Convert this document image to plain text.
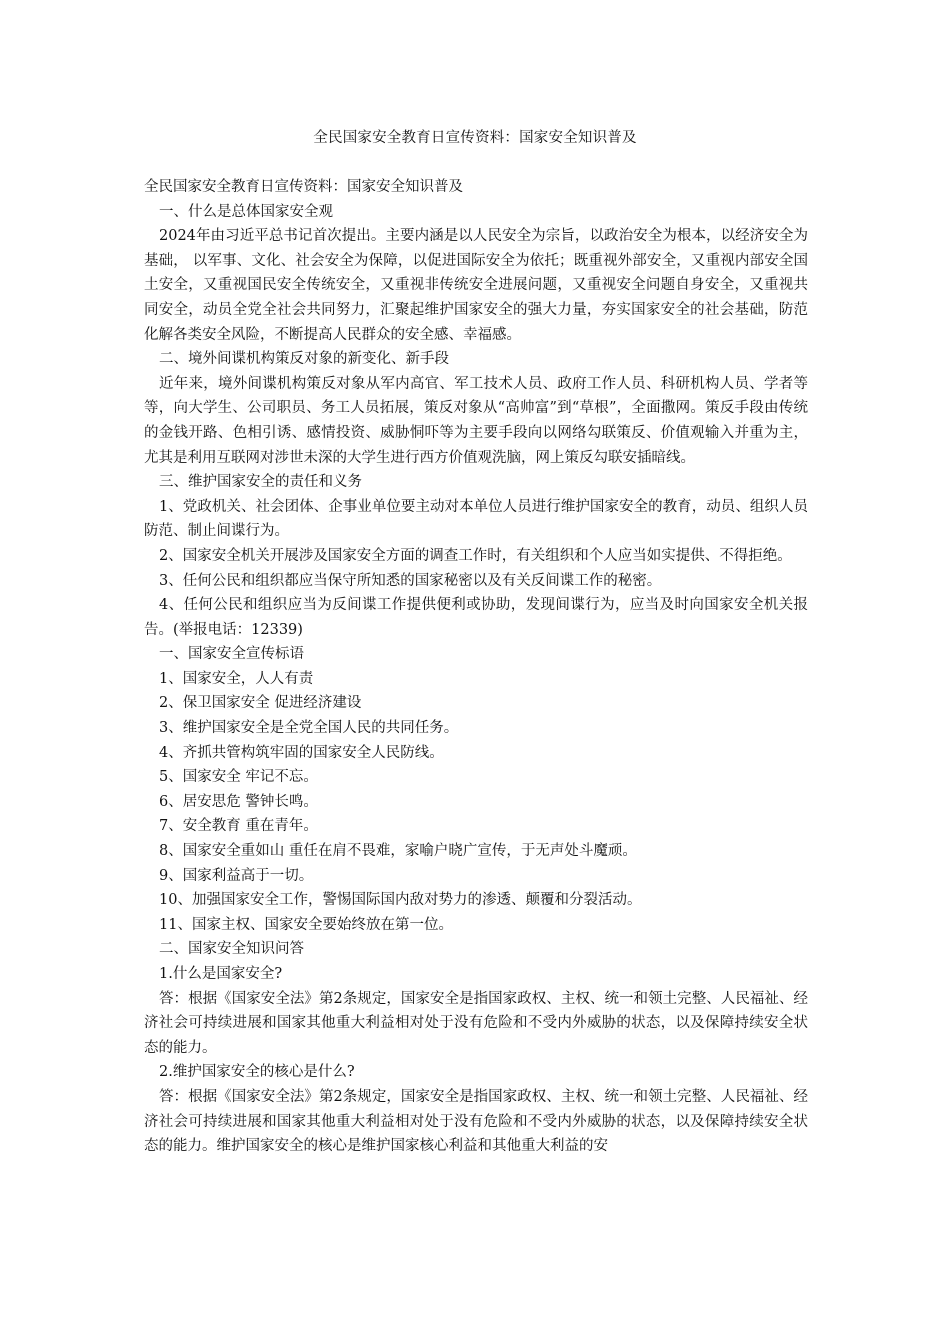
全民国家安全教育日宣传资料：国家安全知识普及

全民国家安全教育日宣传资料：国家安全知识普及

一、什么是总体国家安全观

2024年由习近平总书记首次提出。主要内涵是以人民安全为宗旨，以政治安全为根本，以经济安全为基础， 以军事、文化、社会安全为保障，以促进国际安全为依托；既重视外部安全，又重视内部安全国土安全，又重视国民安全传统安全，又重视非传统安全进展问题，又重视安全问题自身安全，又重视共同安全，动员全党全社会共同努力，汇聚起维护国家安全的强大力量，夯实国家安全的社会基础，防范化解各类安全风险，不断提高人民群众的安全感、幸福感。

二、境外间谍机构策反对象的新变化、新手段

近年来，境外间谍机构策反对象从军内高官、军工技术人员、政府工作人员、科研机构人员、学者等等，向大学生、公司职员、务工人员拓展，策反对象从“高帅富”到“草根”，全面撒网。策反手段由传统的金钱开路、色相引诱、感情投资、威胁恫吓等为主要手段向以网络勾联策反、价值观输入并重为主，尤其是利用互联网对涉世未深的大学生进行西方价值观洗脑，网上策反勾联安插暗线。

三、维护国家安全的责任和义务

1、党政机关、社会团体、企事业单位要主动对本单位人员进行维护国家安全的教育，动员、组织人员防范、制止间谍行为。

2、国家安全机关开展涉及国家安全方面的调查工作时，有关组织和个人应当如实提供、不得拒绝。

3、任何公民和组织都应当保守所知悉的国家秘密以及有关反间谍工作的秘密。

4、任何公民和组织应当为反间谍工作提供便利或协助，发现间谍行为，应当及时向国家安全机关报告。(举报电话：12339)

一、国家安全宣传标语

1、国家安全，人人有责

2、保卫国家安全 促进经济建设

3、维护国家安全是全党全国人民的共同任务。

4、齐抓共管构筑牢固的国家安全人民防线。

5、国家安全 牢记不忘。

6、居安思危 警钟长鸣。

7、安全教育 重在青年。

8、国家安全重如山 重任在肩不畏难，家喻户晓广宣传，于无声处斗魔顽。

9、国家利益高于一切。

10、加强国家安全工作，警惕国际国内敌对势力的渗透、颠覆和分裂活动。

11、国家主权、国家安全要始终放在第一位。

二、国家安全知识问答

1.什么是国家安全?

答：根据《国家安全法》第2条规定，国家安全是指国家政权、主权、统一和领土完整、人民福祉、经济社会可持续进展和国家其他重大利益相对处于没有危险和不受内外威胁的状态，以及保障持续安全状态的能力。

2.维护国家安全的核心是什么?

答：根据《国家安全法》第2条规定，国家安全是指国家政权、主权、统一和领土完整、人民福祉、经济社会可持续进展和国家其他重大利益相对处于没有危险和不受内外威胁的状态，以及保障持续安全状态的能力。维护国家安全的核心是维护国家核心利益和其他重大利益的安
